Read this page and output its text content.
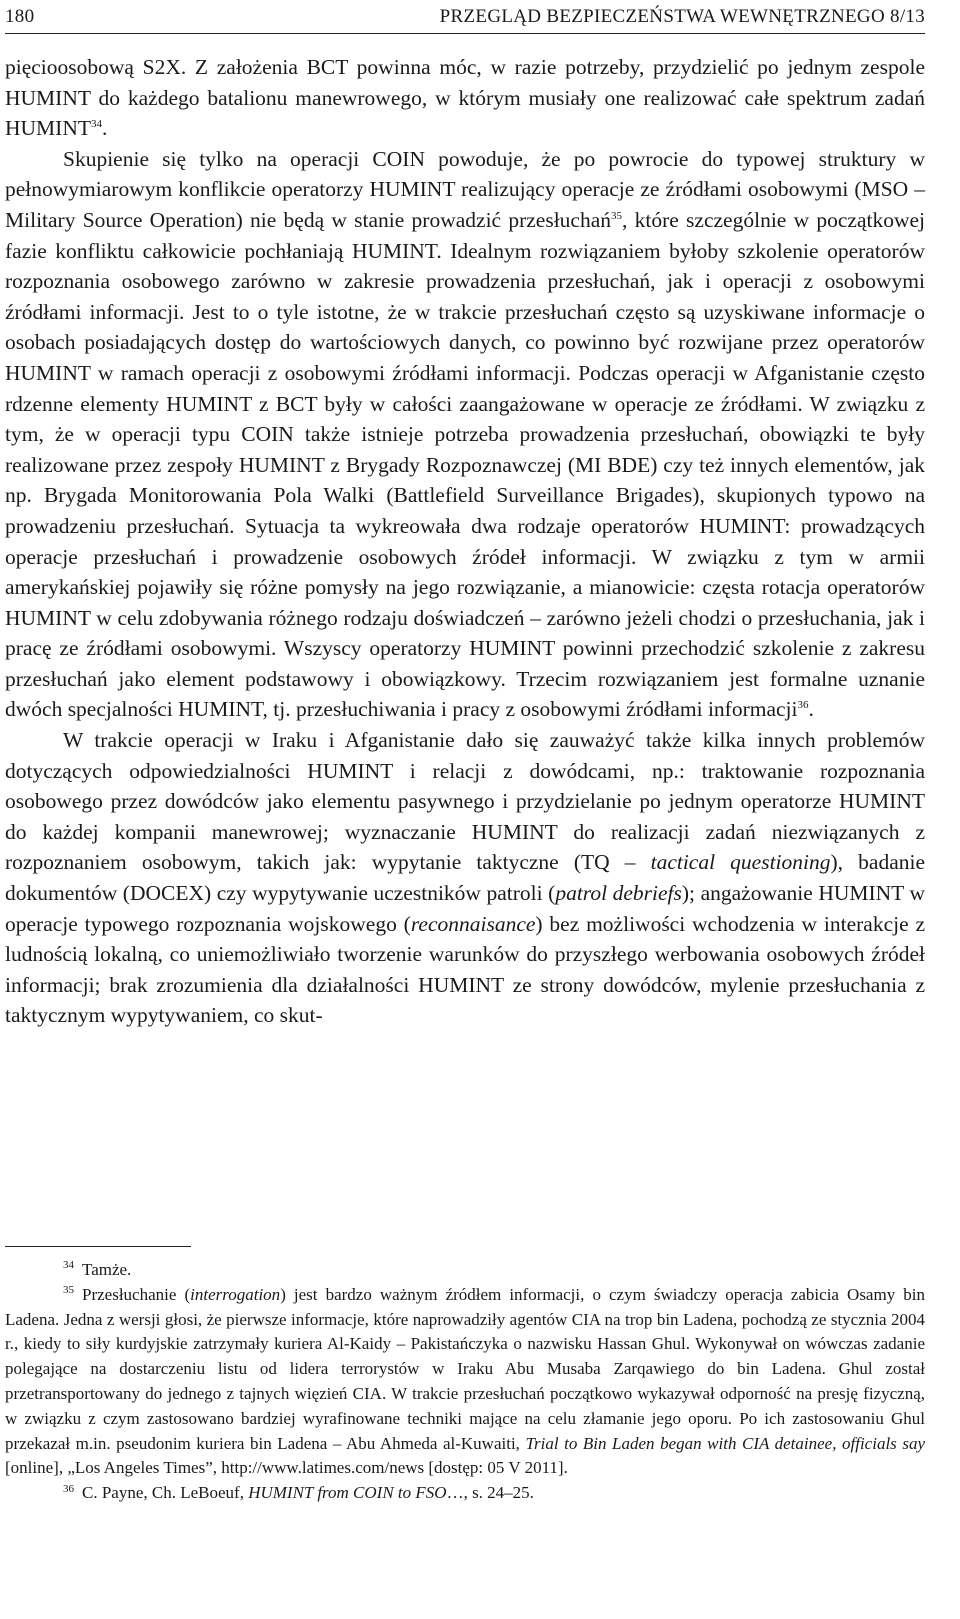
180	PRZEGLĄD BEZPIECZEŃSTWA WEWNĘTRZNEGO 8/13

pięcioosobową S2X. Z założenia BCT powinna móc, w razie potrzeby, przydzielić po jednym zespole HUMINT do każdego batalionu manewrowego, w którym musiały one realizować całe spektrum zadań HUMINT$^{34}$.

Skupienie się tylko na operacji COIN powoduje, że po powrocie do typowej struktury w pełnowymiarowym konflikcie operatorzy HUMINT realizujący operacje ze źródłami osobowymi (MSO – Military Source Operation) nie będą w stanie prowadzić przesłuchań$^{35}$, które szczególnie w początkowej fazie konfliktu całkowicie pochłaniają HUMINT. Idealnym rozwiązaniem byłoby szkolenie operatorów rozpoznania osobowego zarówno w zakresie prowadzenia przesłuchań, jak i operacji z osobowymi źródłami informacji. Jest to o tyle istotne, że w trakcie przesłuchań często są uzyskiwane informacje o osobach posiadających dostęp do wartościowych danych, co powinno być rozwijane przez operatorów HUMINT w ramach operacji z osobowymi źródłami informacji. Podczas operacji w Afganistanie często rdzenne elementy HUMINT z BCT były w całości zaangażowane w operacje ze źródłami. W związku z tym, że w operacji typu COIN także istnieje potrzeba prowadzenia przesłuchań, obowiązki te były realizowane przez zespoły HUMINT z Brygady Rozpoznawczej (MI BDE) czy też innych elementów, jak np. Brygada Monitorowania Pola Walki (Battlefield Surveillance Brigades), skupionych typowo na prowadzeniu przesłuchań. Sytuacja ta wykreowała dwa rodzaje operatorów HUMINT: prowadzących operacje przesłuchań i prowadzenie osobowych źródeł informacji. W związku z tym w armii amerykańskiej pojawiły się różne pomysły na jego rozwiązanie, a mianowicie: częsta rotacja operatorów HUMINT w celu zdobywania różnego rodzaju doświadczeń – zarówno jeżeli chodzi o przesłuchania, jak i pracę ze źródłami osobowymi. Wszyscy operatorzy HUMINT powinni przechodzić szkolenie z zakresu przesłuchań jako element podstawowy i obowiązkowy. Trzecim rozwiązaniem jest formalne uznanie dwóch specjalności HUMINT, tj. przesłuchiwania i pracy z osobowymi źródłami informacji$^{36}$.

W trakcie operacji w Iraku i Afganistanie dało się zauważyć także kilka innych problemów dotyczących odpowiedzialności HUMINT i relacji z dowódcami, np.: traktowanie rozpoznania osobowego przez dowódców jako elementu pasywnego i przydzielanie po jednym operatorze HUMINT do każdej kompanii manewrowej; wyznaczanie HUMINT do realizacji zadań niezwiązanych z rozpoznaniem osobowym, takich jak: wypytanie taktyczne (TQ – tactical questioning), badanie dokumentów (DOCEX) czy wypytywanie uczestników patroli (patrol debriefs); angażowanie HUMINT w operacje typowego rozpoznania wojskowego (reconnaisance) bez możliwości wchodzenia w interakcje z ludnością lokalną, co uniemożliwiało tworzenie warunków do przyszłego werbowania osobowych źródeł informacji; brak zrozumienia dla działalności HUMINT ze strony dowódców, mylenie przesłuchania z taktycznym wypytywaniem, co skut-

$^{34}$ Tamże.

$^{35}$ Przesłuchanie (interrogation) jest bardzo ważnym źródłem informacji, o czym świadczy operacja zabicia Osamy bin Ladena. Jedna z wersji głosi, że pierwsze informacje, które naprowadziły agentów CIA na trop bin Ladena, pochodzą ze stycznia 2004 r., kiedy to siły kurdyjskie zatrzymały kuriera Al-Kaidy – Pakistańczyka o nazwisku Hassan Ghul. Wykonywał on wówczas zadanie polegające na dostarczeniu listu od lidera terrorystów w Iraku Abu Musaba Zarqawiego do bin Ladena. Ghul został przetransportowany do jednego z tajnych więzień CIA. W trakcie przesłuchań początkowo wykazywał odporność na presję fizyczną, w związku z czym zastosowano bardziej wyrafinowane techniki mające na celu złamanie jego oporu. Po ich zastosowaniu Ghul przekazał m.in. pseudonim kuriera bin Ladena – Abu Ahmeda al-Kuwaiti, Trial to Bin Laden began with CIA detainee, officials say [online], „Los Angeles Times”, http://www.latimes.com/news [dostęp: 05 V 2011].

$^{36}$ C. Payne, Ch. LeBoeuf, HUMINT from COIN to FSO…, s. 24–25.
